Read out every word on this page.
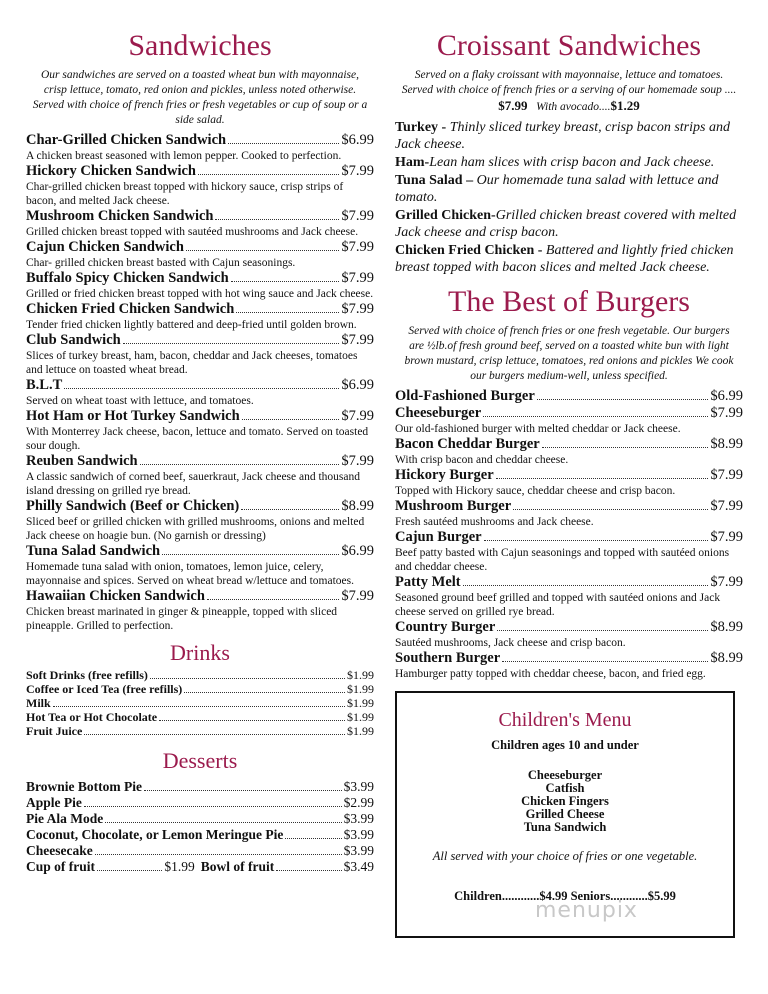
Sandwiches
Our sandwiches are served on a toasted wheat bun with mayonnaise, crisp lettuce, tomato, red onion and pickles, unless noted otherwise. Served with choice of french fries or fresh vegetables or cup of soup or a side salad.
Char-Grilled Chicken Sandwich	$6.99
A chicken breast seasoned with lemon pepper. Cooked to perfection.
Hickory Chicken Sandwich	$7.99
Char-grilled chicken breast topped with hickory sauce, crisp strips of bacon, and melted Jack cheese.
Mushroom Chicken Sandwich	$7.99
Grilled chicken breast topped with sautéed mushrooms and Jack cheese.
Cajun Chicken Sandwich	$7.99
Char- grilled chicken breast basted with Cajun seasonings.
Buffalo Spicy Chicken Sandwich	$7.99
Grilled or fried chicken breast topped with hot wing sauce and Jack cheese.
Chicken Fried Chicken Sandwich	$7.99
Tender fried chicken lightly battered and deep-fried until golden brown.
Club Sandwich	$7.99
Slices of turkey breast, ham, bacon, cheddar and Jack cheeses, tomatoes and lettuce on toasted wheat bread.
B.L.T	$6.99
Served on wheat toast with lettuce, and tomatoes.
Hot Ham or Hot Turkey Sandwich	$7.99
With Monterrey Jack cheese, bacon, lettuce and tomato. Served on toasted sour dough.
Reuben Sandwich	$7.99
A classic sandwich of corned beef, sauerkraut, Jack cheese and thousand island dressing on grilled rye bread.
Philly Sandwich (Beef or Chicken)	$8.99
Sliced beef or grilled chicken with grilled mushrooms, onions and melted Jack cheese on hoagie bun. (No garnish or dressing)
Tuna Salad Sandwich	$6.99
Homemade tuna salad with onion, tomatoes, lemon juice, celery, mayonnaise and spices. Served on wheat bread w/lettuce and tomatoes.
Hawaiian Chicken Sandwich	$7.99
Chicken breast marinated in ginger & pineapple, topped with sliced pineapple. Grilled to perfection.
Drinks
Soft Drinks (free refills)	$1.99
Coffee or Iced Tea (free refills)	$1.99
Milk	$1.99
Hot Tea or Hot Chocolate	$1.99
Fruit Juice	$1.99
Desserts
Brownie Bottom Pie	$3.99
Apple Pie	$2.99
Pie Ala Mode	$3.99
Coconut, Chocolate, or Lemon Meringue Pie	$3.99
Cheesecake	$3.99
Cup of fruit	$1.99 Bowl of fruit	$3.49
Croissant Sandwiches
Served on a flaky croissant with mayonnaise, lettuce and tomatoes. Served with choice of french fries or a serving of our homemade soup .... $7.99 With avocado....$1.29
Turkey - Thinly sliced turkey breast, crisp bacon strips and Jack cheese.
Ham-Lean ham slices with crisp bacon and Jack cheese.
Tuna Salad – Our homemade tuna salad with lettuce and tomato.
Grilled Chicken-Grilled chicken breast covered with melted Jack cheese and crisp bacon.
Chicken Fried Chicken - Battered and lightly fried chicken breast topped with bacon slices and melted Jack cheese.
The Best of Burgers
Served with choice of french fries or one fresh vegetable. Our burgers are ½lb.of fresh ground beef, served on a toasted white bun with light brown mustard, crisp lettuce, tomatoes, red onions and pickles We cook our burgers medium-well, unless specified.
Old-Fashioned Burger	$6.99
Cheeseburger	$7.99
Our old-fashioned burger with melted cheddar or Jack cheese.
Bacon Cheddar Burger	$8.99
With crisp bacon and cheddar cheese.
Hickory Burger	$7.99
Topped with Hickory sauce, cheddar cheese and crisp bacon.
Mushroom Burger	$7.99
Fresh sautéed mushrooms and Jack cheese.
Cajun Burger	$7.99
Beef patty basted with Cajun seasonings and topped with sautéed onions and cheddar cheese.
Patty Melt	$7.99
Seasoned ground beef grilled and topped with sautéed onions and Jack cheese served on grilled rye bread.
Country Burger	$8.99
Sautéed mushrooms, Jack cheese and crisp bacon.
Southern Burger	$8.99
Hamburger patty topped with cheddar cheese, bacon, and fried egg.
Children's Menu
Children ages 10 and under
Cheeseburger
Catfish
Chicken Fingers
Grilled Cheese
Tuna Sandwich
All served with your choice of fries or one vegetable.
Children............$4.99 Seniors............$5.99
menupix
